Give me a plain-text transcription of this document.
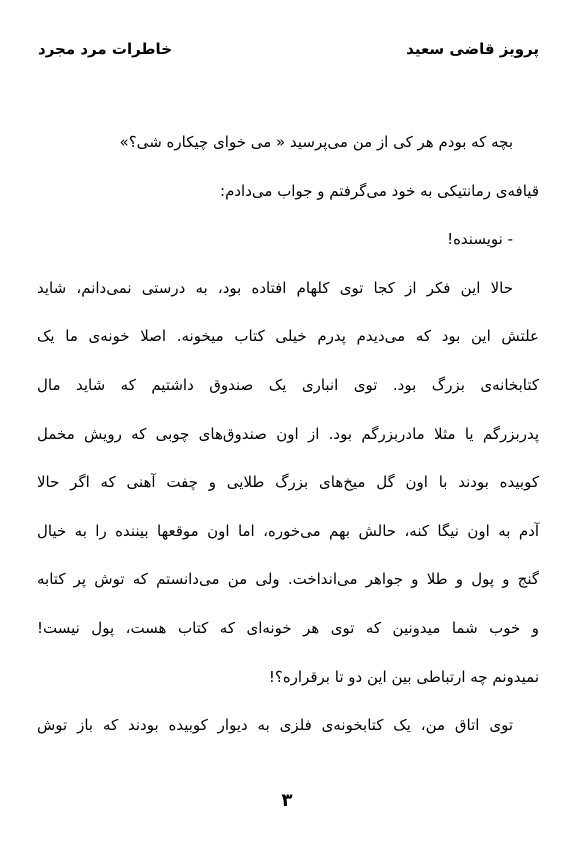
پرویز قاضی سعید
خاطرات مرد مجرد
بچه که بودم هر کی از من می‌پرسید « می خوای چیکاره شی؟»
قیافه‌ی رمانتیکی به خود می‌گرفتم و جواب می‌دادم:
- نویسنده!
حالا این فکر از کجا توی کلهام افتاده بود، به درستی نمی‌دانم، شاید
علتش این بود که می‌دیدم پدرم خیلی کتاب میخونه. اصلا خونه‌ی ما یک
کتابخانه‌ی بزرگ بود. توی انباری یک صندوق داشتیم که شاید مال
پدربزرگم یا مثلا مادربزرگم بود. از اون صندوق‌های چوبی که رویش مخمل
کوبیده بودند با اون گل میخ‌های بزرگ طلایی و چفت آهنی که اگر حالا
آدم به اون نیگا کنه، حالش بهم می‌خوره، اما اون موقعها بیننده را به خیال
گنج و پول و طلا و جواهر می‌انداخت. ولی من می‌دانستم که توش پر کتابه
و خوب شما میدونین که توی هر خونه‌ای که کتاب هست، پول نیست!
نمیدونم چه ارتباطی بین این دو تا برقراره؟!
توی اتاق من، یک کتابخونه‌ی فلزی به دیوار کوبیده بودند که باز توش
۳
